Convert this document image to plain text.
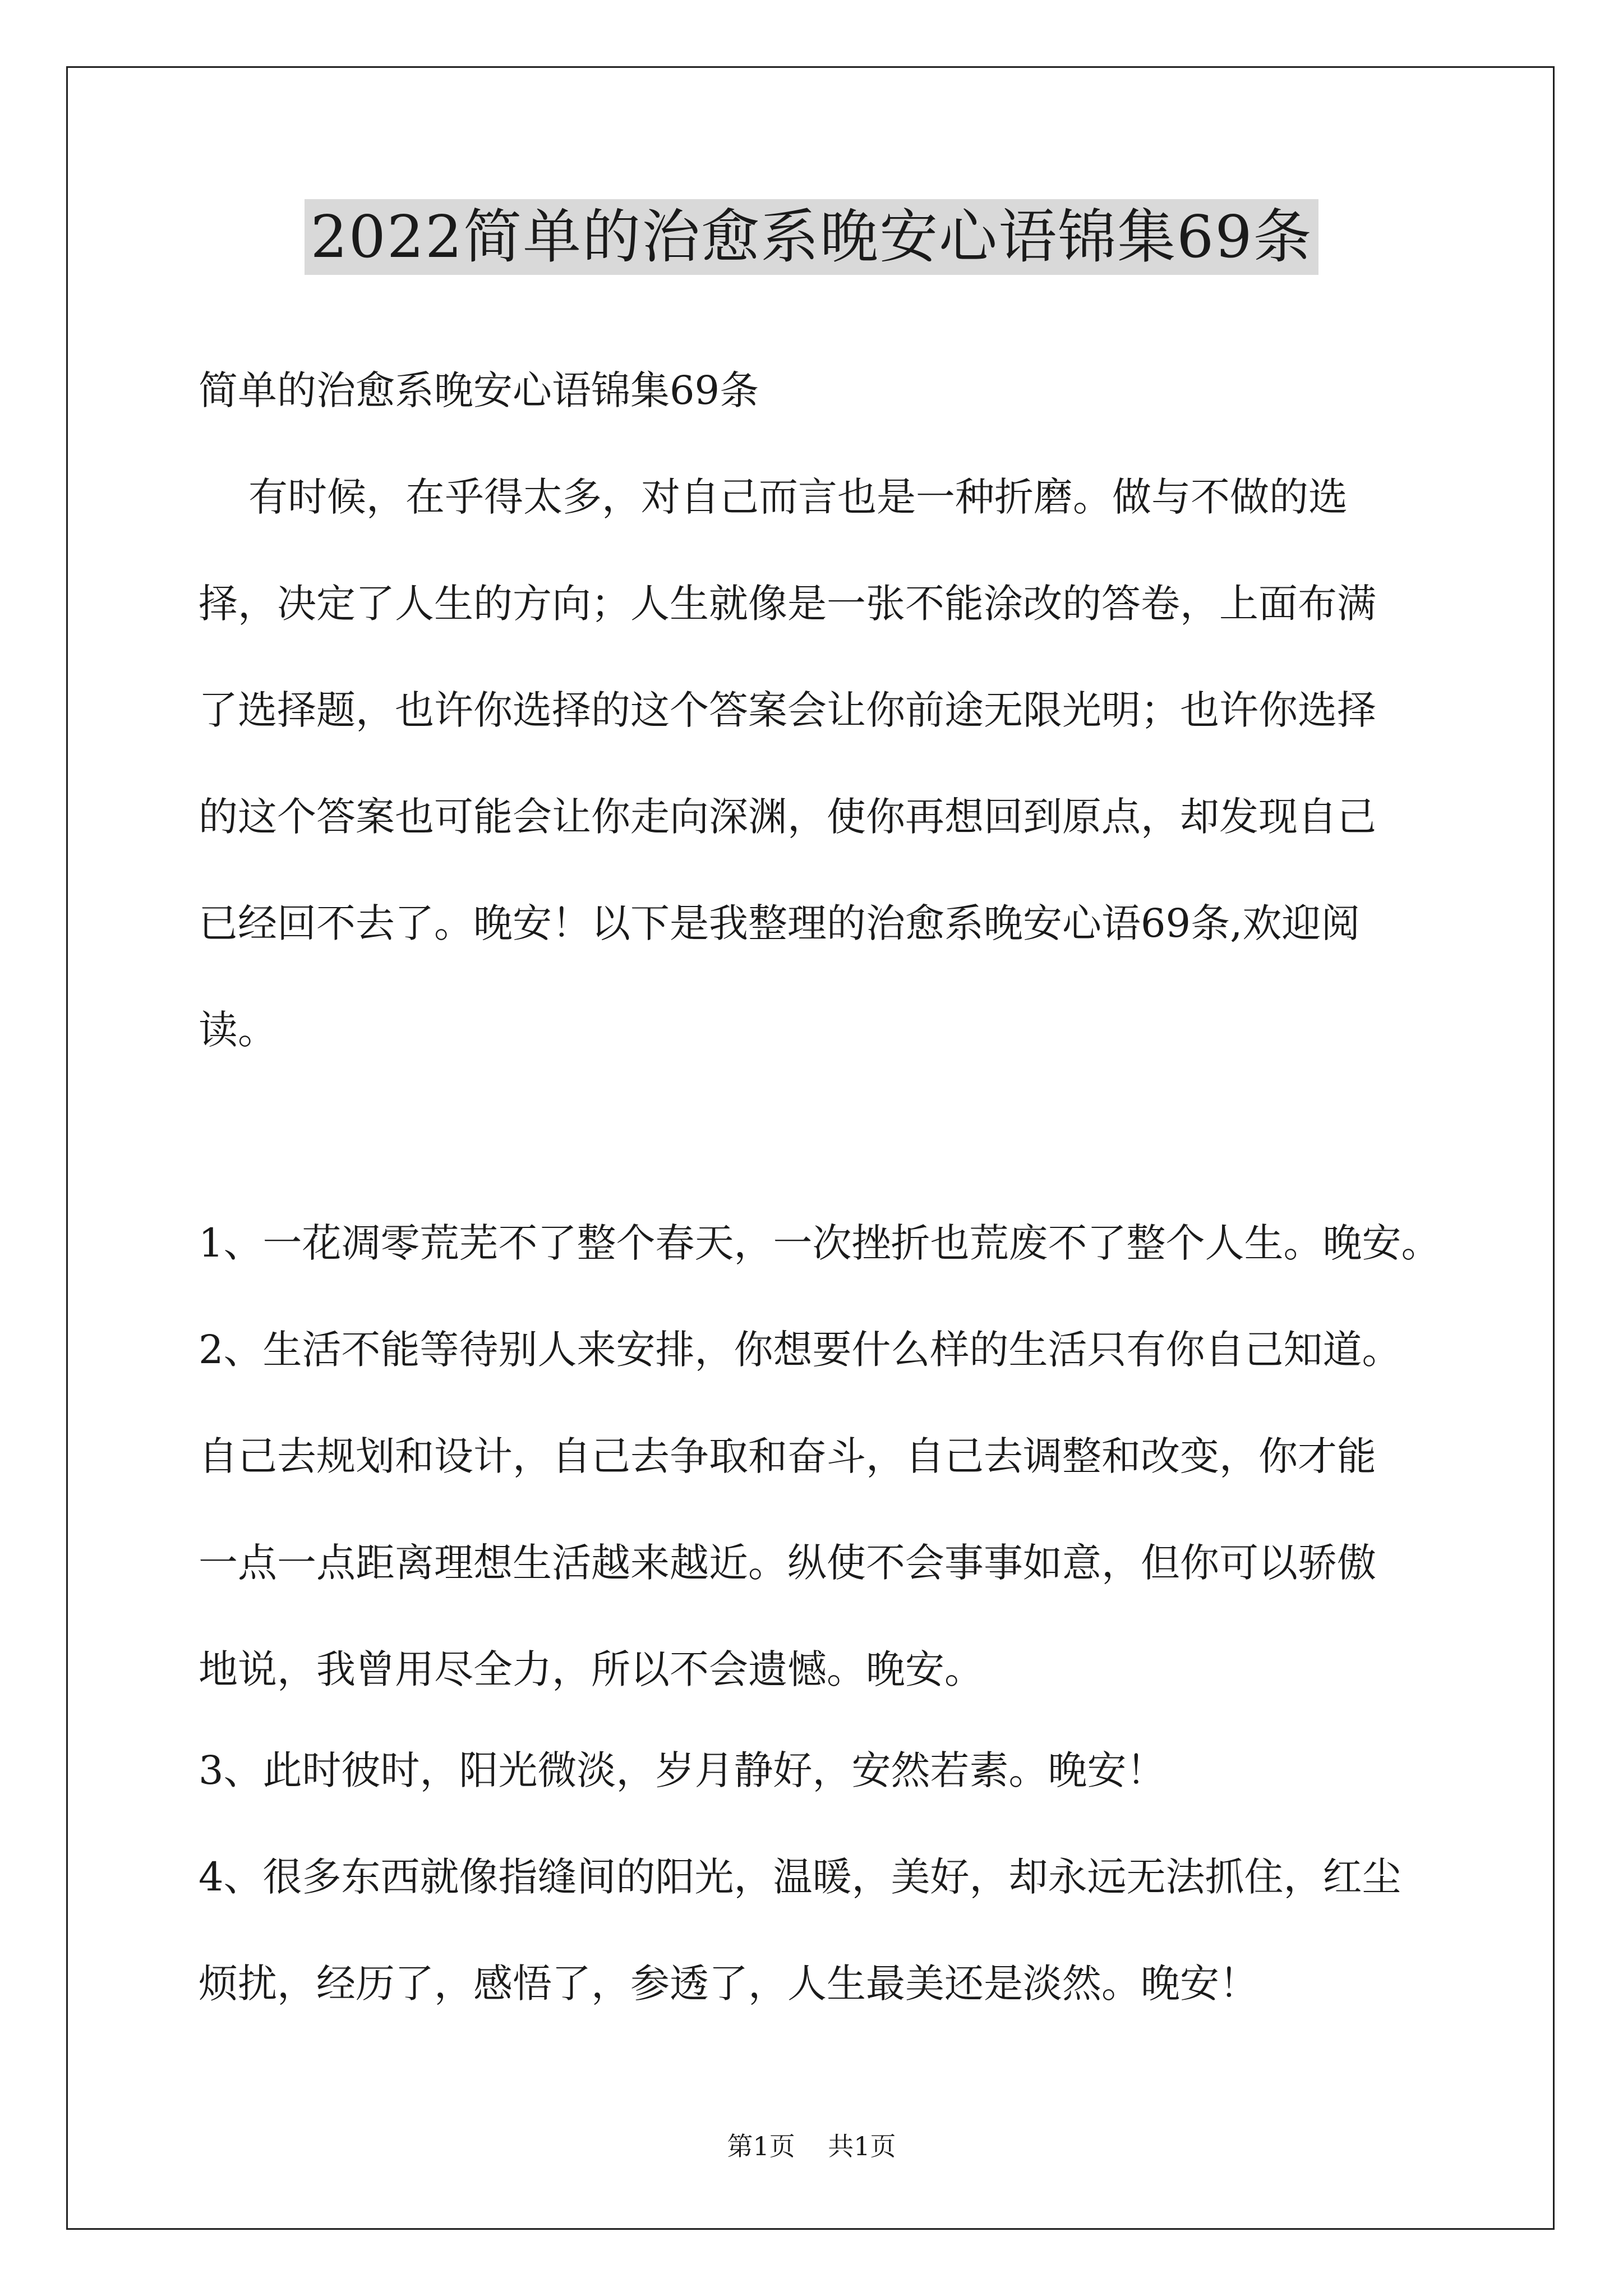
2022简单的治愈系晚安心语锦集69条
简单的治愈系晚安心语锦集69条
有时候，在乎得太多，对自己而言也是一种折磨。做与不做的选
择，决定了人生的方向；人生就像是一张不能涂改的答卷，上面布满
了选择题，也许你选择的这个答案会让你前途无限光明；也许你选择
的这个答案也可能会让你走向深渊，使你再想回到原点，却发现自己
已经回不去了。晚安！以下是我整理的治愈系晚安心语69条,欢迎阅
读。
1、一花凋零荒芜不了整个春天，一次挫折也荒废不了整个人生。晚安。
2、生活不能等待别人来安排，你想要什么样的生活只有你自己知道。
自己去规划和设计，自己去争取和奋斗，自己去调整和改变，你才能
一点一点距离理想生活越来越近。纵使不会事事如意，但你可以骄傲
地说，我曾用尽全力，所以不会遗憾。晚安。
3、此时彼时，阳光微淡，岁月静好，安然若素。晚安！
4、很多东西就像指缝间的阳光，温暖，美好，却永远无法抓住，红尘
烦扰，经历了，感悟了，参透了，人生最美还是淡然。晚安！
第1页    共1页
